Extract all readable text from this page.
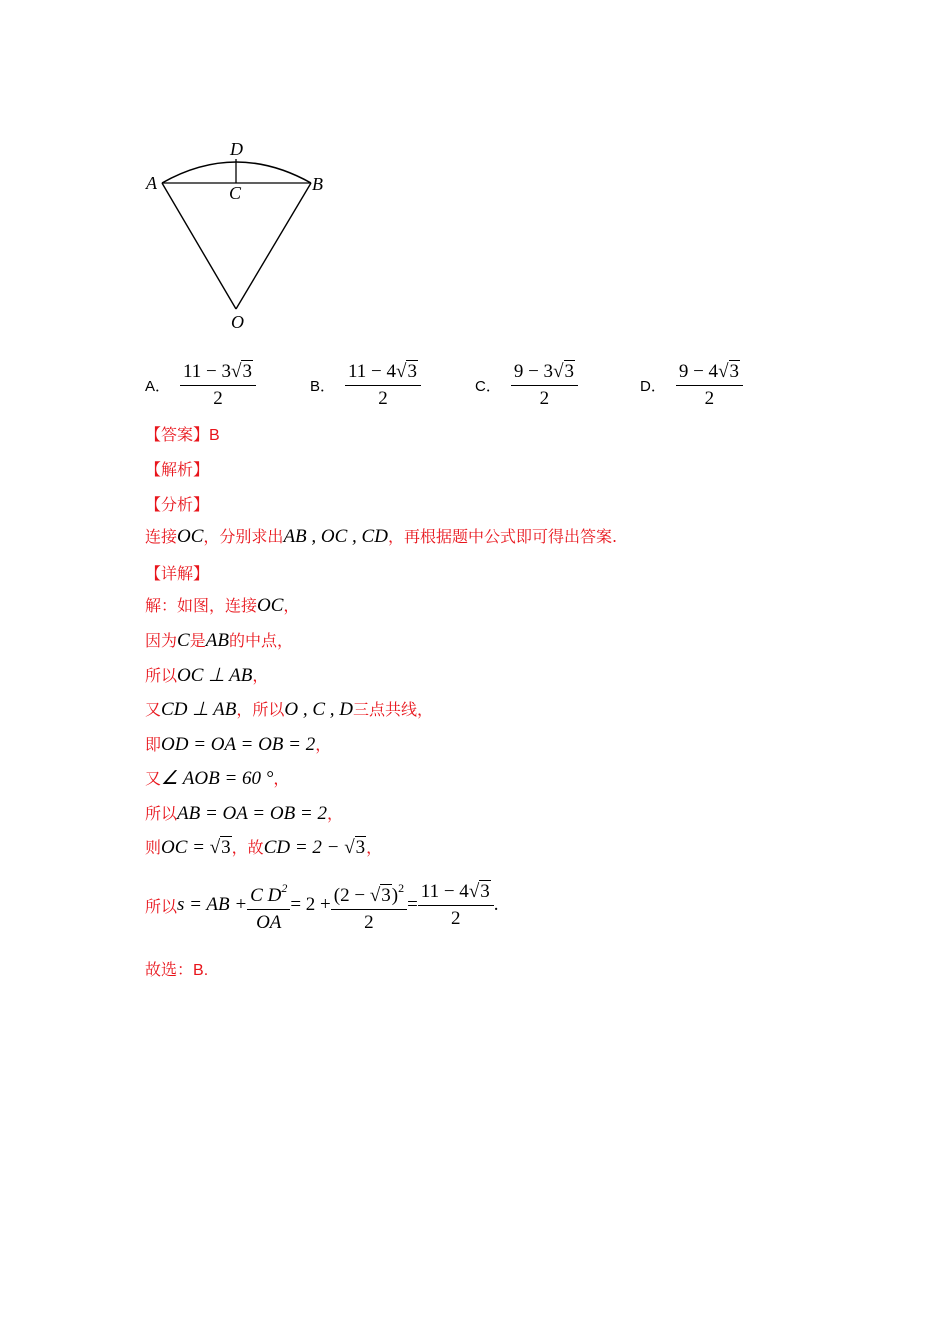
A	B
C
D
O
A． $\frac{11 - 3√3}{2}$	B． $\frac{11 - 4√3}{2}$	C． $\frac{9 - 3√3}{2}$	D． $\frac{9 - 4√3}{2}$
【答案】B
【解析】
【分析】
连接OC，分别求出AB , OC , CD，再根据题中公式即可得出答案.
【详解】
解：如图，连接OC，
因为C是AB的中点，
所以OC ⊥ AB，
又CD ⊥ AB，所以O , C , D三点共线，
即OD = OA = OB = 2，
又∠ AOB = 60 °，
所以AB = OA = OB = 2，
则OC = √3，故CD = 2 − √3，
所以 s = AB + $\frac{C D^2}{OA} = 2 + \frac{(2 - √3)^2}{2} = \frac{11 - 4√3}{2}$ .
故选：B.
